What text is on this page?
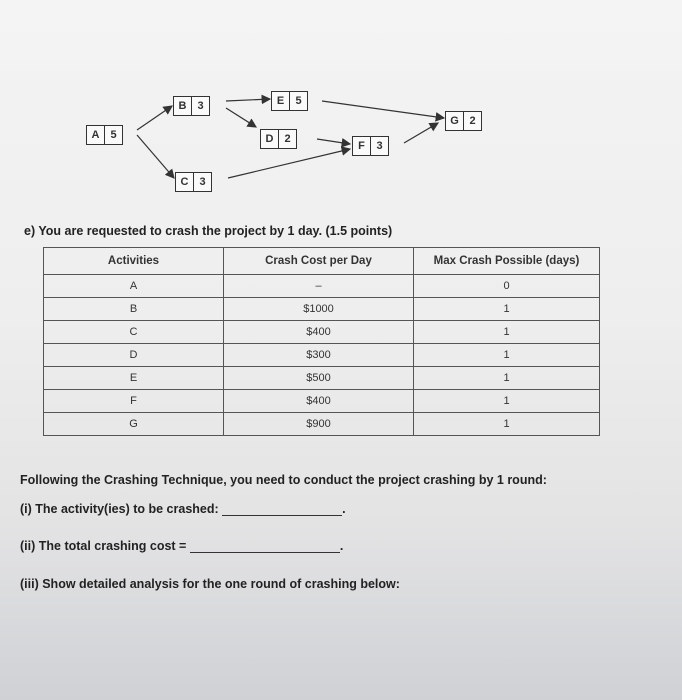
A 5
B 3
C 3
D 2
E	5
F	3
G 2
e) You are requested to crash the project by 1 day. (1.5 points)
Activities	Crash Cost per Day	Max Crash Possible (days)
A	–	0
B	$1000	1
C	$400	1
D	$300	1
E	$500	1
F	$400	1
G	$900	1
Following the Crashing Technique, you need to conduct the project crashing by 1 round:
(i) The activity(ies) to be crashed:	.
(ii) The total crashing cost =	.
(iii) Show detailed analysis for the one round of crashing below:
